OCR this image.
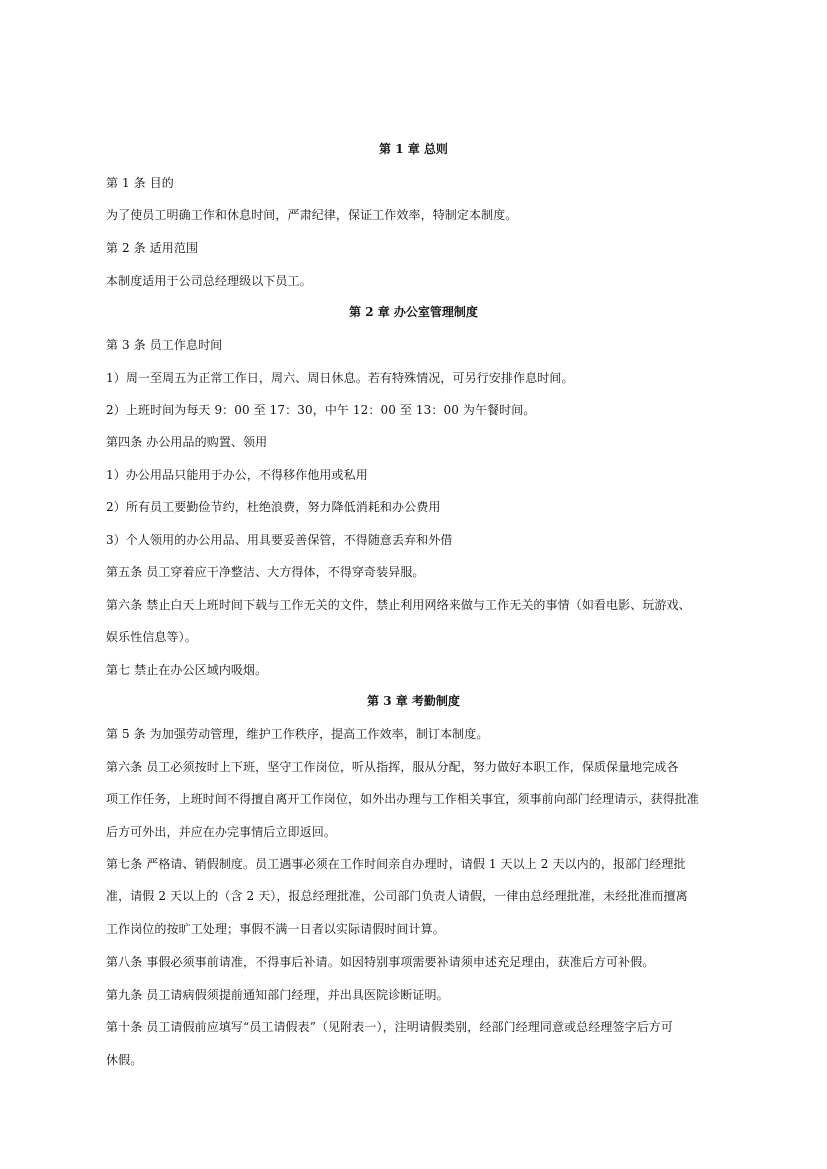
第 1 章 总则
第 1 条 目的
为了使员工明确工作和休息时间，严肃纪律，保证工作效率，特制定本制度。
第 2 条 适用范围
本制度适用于公司总经理级以下员工。
第 2 章 办公室管理制度
第 3 条 员工作息时间
1）周一至周五为正常工作日，周六、周日休息。若有特殊情况，可另行安排作息时间。
2）上班时间为每天 9：00 至 17：30，中午 12：00 至 13：00 为午餐时间。
第四条 办公用品的购置、领用
1）办公用品只能用于办公，不得移作他用或私用
2）所有员工要勤俭节约，杜绝浪费，努力降低消耗和办公费用
3）个人领用的办公用品、用具要妥善保管，不得随意丢弃和外借
第五条 员工穿着应干净整洁、大方得体，不得穿奇装异服。
第六条 禁止白天上班时间下载与工作无关的文件，禁止利用网络来做与工作无关的事情（如看电影、玩游戏、
娱乐性信息等）。
第七 禁止在办公区域内吸烟。
第 3 章 考勤制度
第 5 条 为加强劳动管理，维护工作秩序，提高工作效率，制订本制度。
第六条 员工必须按时上下班，坚守工作岗位，听从指挥，服从分配，努力做好本职工作，保质保量地完成各
项工作任务，上班时间不得擅自离开工作岗位，如外出办理与工作相关事宜，须事前向部门经理请示，获得批准
后方可外出，并应在办完事情后立即返回。
第七条 严格请、销假制度。员工遇事必须在工作时间亲自办理时，请假 1 天以上 2 天以内的，报部门经理批
准，请假 2 天以上的（含 2 天），报总经理批准，公司部门负责人请假，一律由总经理批准，未经批准而擅离
工作岗位的按旷工处理；事假不满一日者以实际请假时间计算。
第八条 事假必须事前请准，不得事后补请。如因特别事项需要补请须申述充足理由，获准后方可补假。
第九条 员工请病假须提前通知部门经理，并出具医院诊断证明。
第十条 员工请假前应填写“员工请假表”（见附表一），注明请假类别，经部门经理同意或总经理签字后方可
休假。
